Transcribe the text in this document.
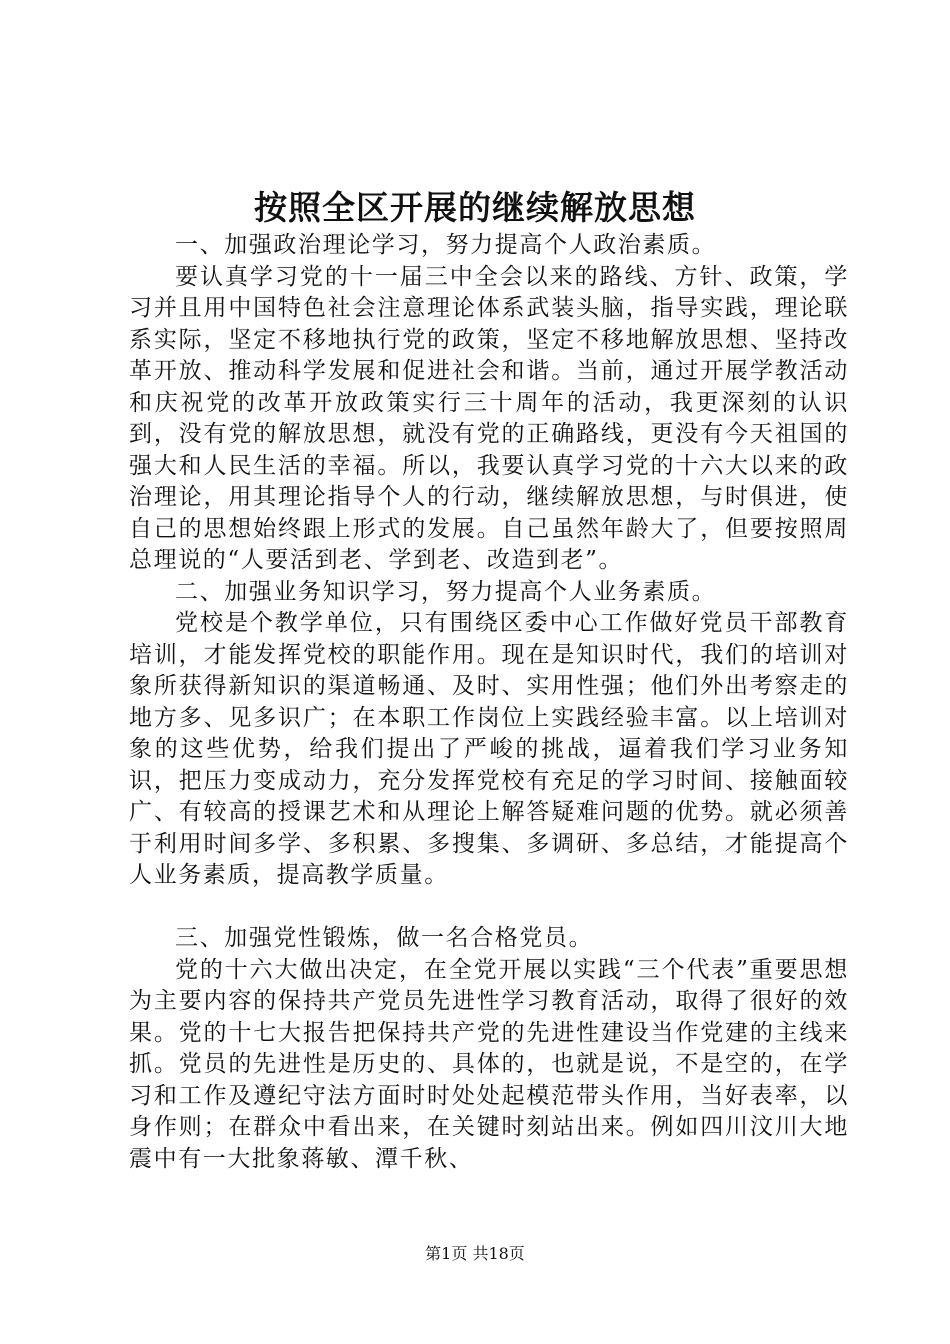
按照全区开展的继续解放思想

一、加强政治理论学习，努力提高个人政治素质。

要认真学习党的十一届三中全会以来的路线、方针、政策，学习并且用中国特色社会注意理论体系武装头脑，指导实践，理论联系实际，坚定不移地执行党的政策，坚定不移地解放思想、坚持改革开放、推动科学发展和促进社会和谐。当前，通过开展学教活动和庆祝党的改革开放政策实行三十周年的活动，我更深刻的认识到，没有党的解放思想，就没有党的正确路线，更没有今天祖国的强大和人民生活的幸福。所以，我要认真学习党的十六大以来的政治理论，用其理论指导个人的行动，继续解放思想，与时俱进，使自己的思想始终跟上形式的发展。自己虽然年龄大了，但要按照周总理说的“人要活到老、学到老、改造到老”。

二、加强业务知识学习，努力提高个人业务素质。

党校是个教学单位，只有围绕区委中心工作做好党员干部教育培训，才能发挥党校的职能作用。现在是知识时代，我们的培训对象所获得新知识的渠道畅通、及时、实用性强；他们外出考察走的地方多、见多识广；在本职工作岗位上实践经验丰富。以上培训对象的这些优势，给我们提出了严峻的挑战，逼着我们学习业务知识，把压力变成动力，充分发挥党校有充足的学习时间、接触面较广、有较高的授课艺术和从理论上解答疑难问题的优势。就必须善于利用时间多学、多积累、多搜集、多调研、多总结，才能提高个人业务素质，提高教学质量。

三、加强党性锻炼，做一名合格党员。

党的十六大做出决定，在全党开展以实践“三个代表”重要思想为主要内容的保持共产党员先进性学习教育活动，取得了很好的效果。党的十七大报告把保持共产党的先进性建设当作党建的主线来抓。党员的先进性是历史的、具体的，也就是说，不是空的，在学习和工作及遵纪守法方面时时处处起模范带头作用，当好表率，以身作则；在群众中看出来，在关键时刻站出来。例如四川汶川大地震中有一大批象蒋敏、潭千秋、

第1页 共18页
